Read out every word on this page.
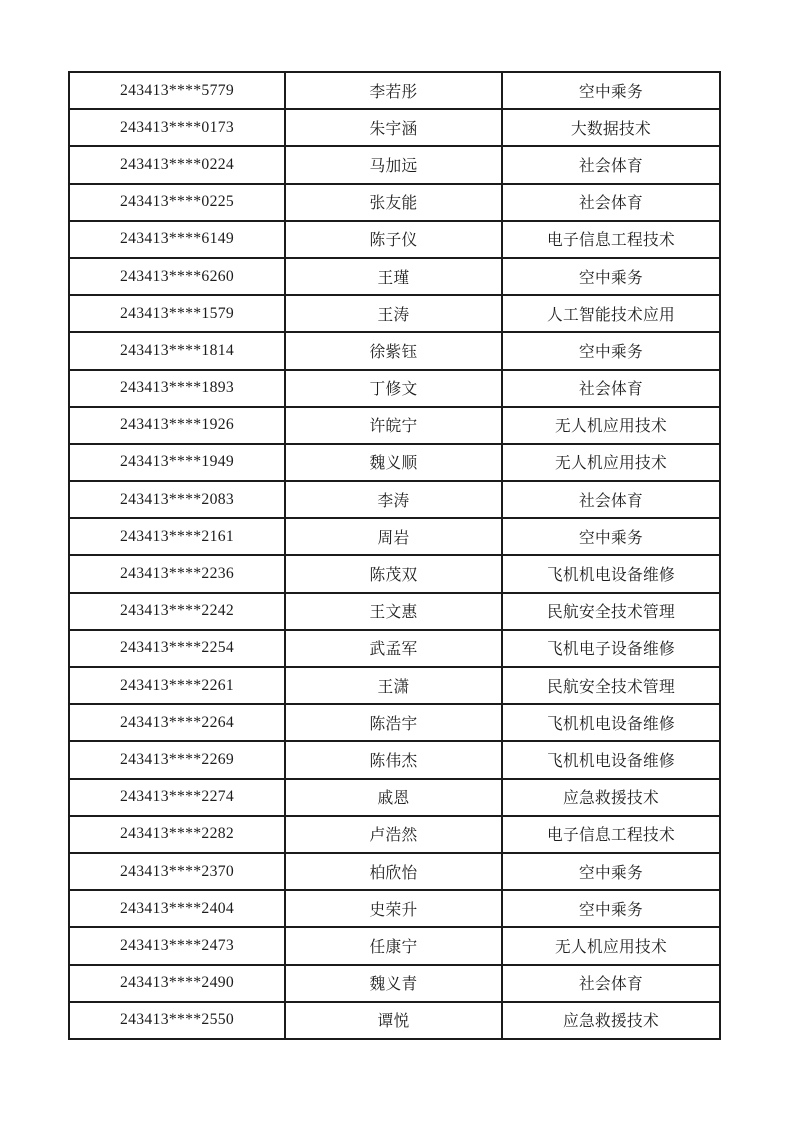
243413****5779	李若彤	空中乘务
243413****0173	朱宇涵	大数据技术
243413****0224	马加远	社会体育
243413****0225	张友能	社会体育
243413****6149	陈子仪	电子信息工程技术
243413****6260	王瑾	空中乘务
243413****1579	王涛	人工智能技术应用
243413****1814	徐紫钰	空中乘务
243413****1893	丁修文	社会体育
243413****1926	许皖宁	无人机应用技术
243413****1949	魏义顺	无人机应用技术
243413****2083	李涛	社会体育
243413****2161	周岩	空中乘务
243413****2236	陈茂双	飞机机电设备维修
243413****2242	王文惠	民航安全技术管理
243413****2254	武孟军	飞机电子设备维修
243413****2261	王潇	民航安全技术管理
243413****2264	陈浩宇	飞机机电设备维修
243413****2269	陈伟杰	飞机机电设备维修
243413****2274	戚恩	应急救援技术
243413****2282	卢浩然	电子信息工程技术
243413****2370	柏欣怡	空中乘务
243413****2404	史荣升	空中乘务
243413****2473	任康宁	无人机应用技术
243413****2490	魏义青	社会体育
243413****2550	谭悦	应急救援技术
